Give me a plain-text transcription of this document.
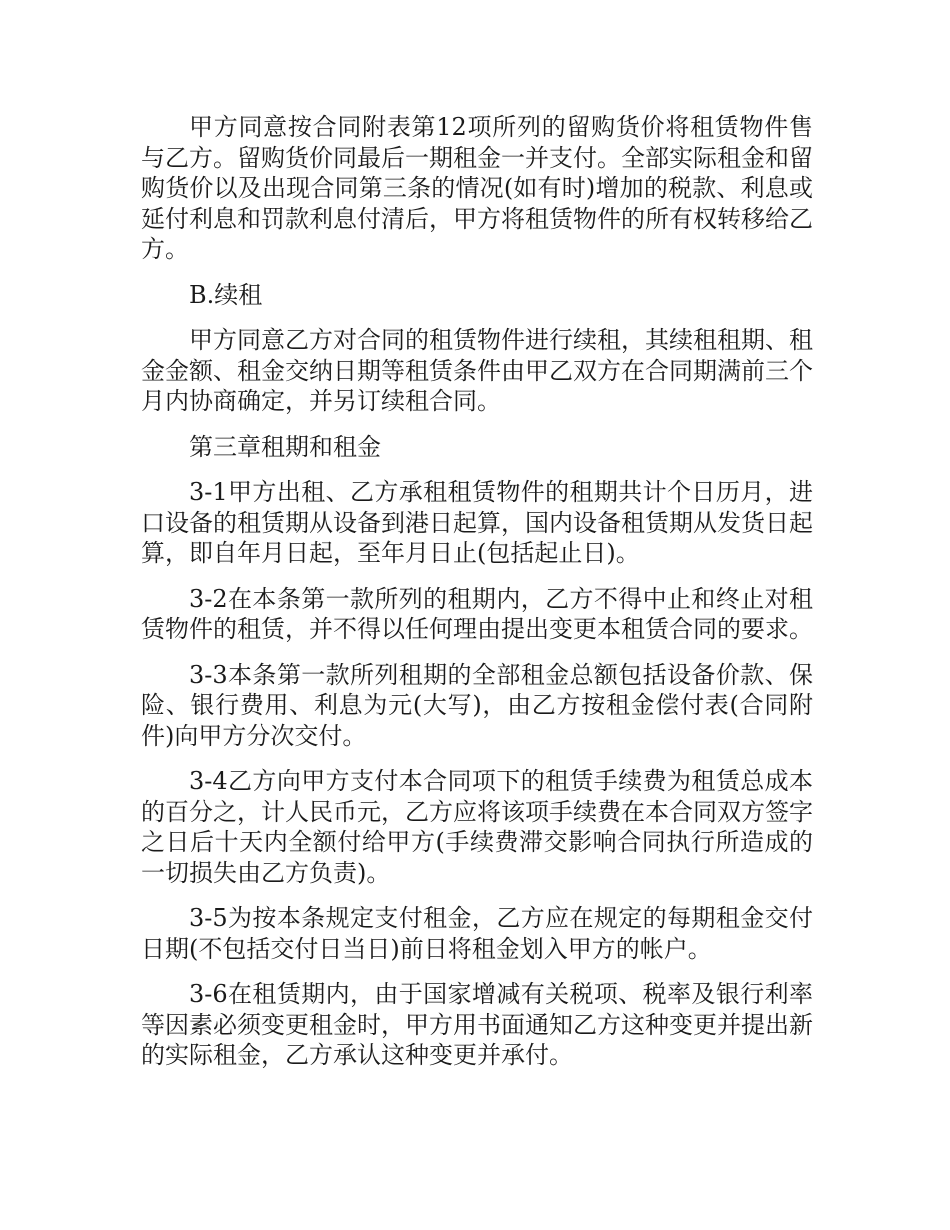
甲方同意按合同附表第12项所列的留购货价将租赁物件售与乙方。留购货价同最后一期租金一并支付。全部实际租金和留购货价以及出现合同第三条的情况(如有时)增加的税款、利息或延付利息和罚款利息付清后，甲方将租赁物件的所有权转移给乙方。

B.续租

甲方同意乙方对合同的租赁物件进行续租，其续租租期、租金金额、租金交纳日期等租赁条件由甲乙双方在合同期满前三个月内协商确定，并另订续租合同。

第三章租期和租金

3-1甲方出租、乙方承租租赁物件的租期共计个日历月，进口设备的租赁期从设备到港日起算，国内设备租赁期从发货日起算，即自年月日起，至年月日止(包括起止日)。

3-2在本条第一款所列的租期内，乙方不得中止和终止对租赁物件的租赁，并不得以任何理由提出变更本租赁合同的要求。

3-3本条第一款所列租期的全部租金总额包括设备价款、保险、银行费用、利息为元(大写)，由乙方按租金偿付表(合同附件)向甲方分次交付。

3-4乙方向甲方支付本合同项下的租赁手续费为租赁总成本的百分之，计人民币元，乙方应将该项手续费在本合同双方签字之日后十天内全额付给甲方(手续费滞交影响合同执行所造成的一切损失由乙方负责)。

3-5为按本条规定支付租金，乙方应在规定的每期租金交付日期(不包括交付日当日)前日将租金划入甲方的帐户。

3-6在租赁期内，由于国家增减有关税项、税率及银行利率等因素必须变更租金时，甲方用书面通知乙方这种变更并提出新的实际租金，乙方承认这种变更并承付。
